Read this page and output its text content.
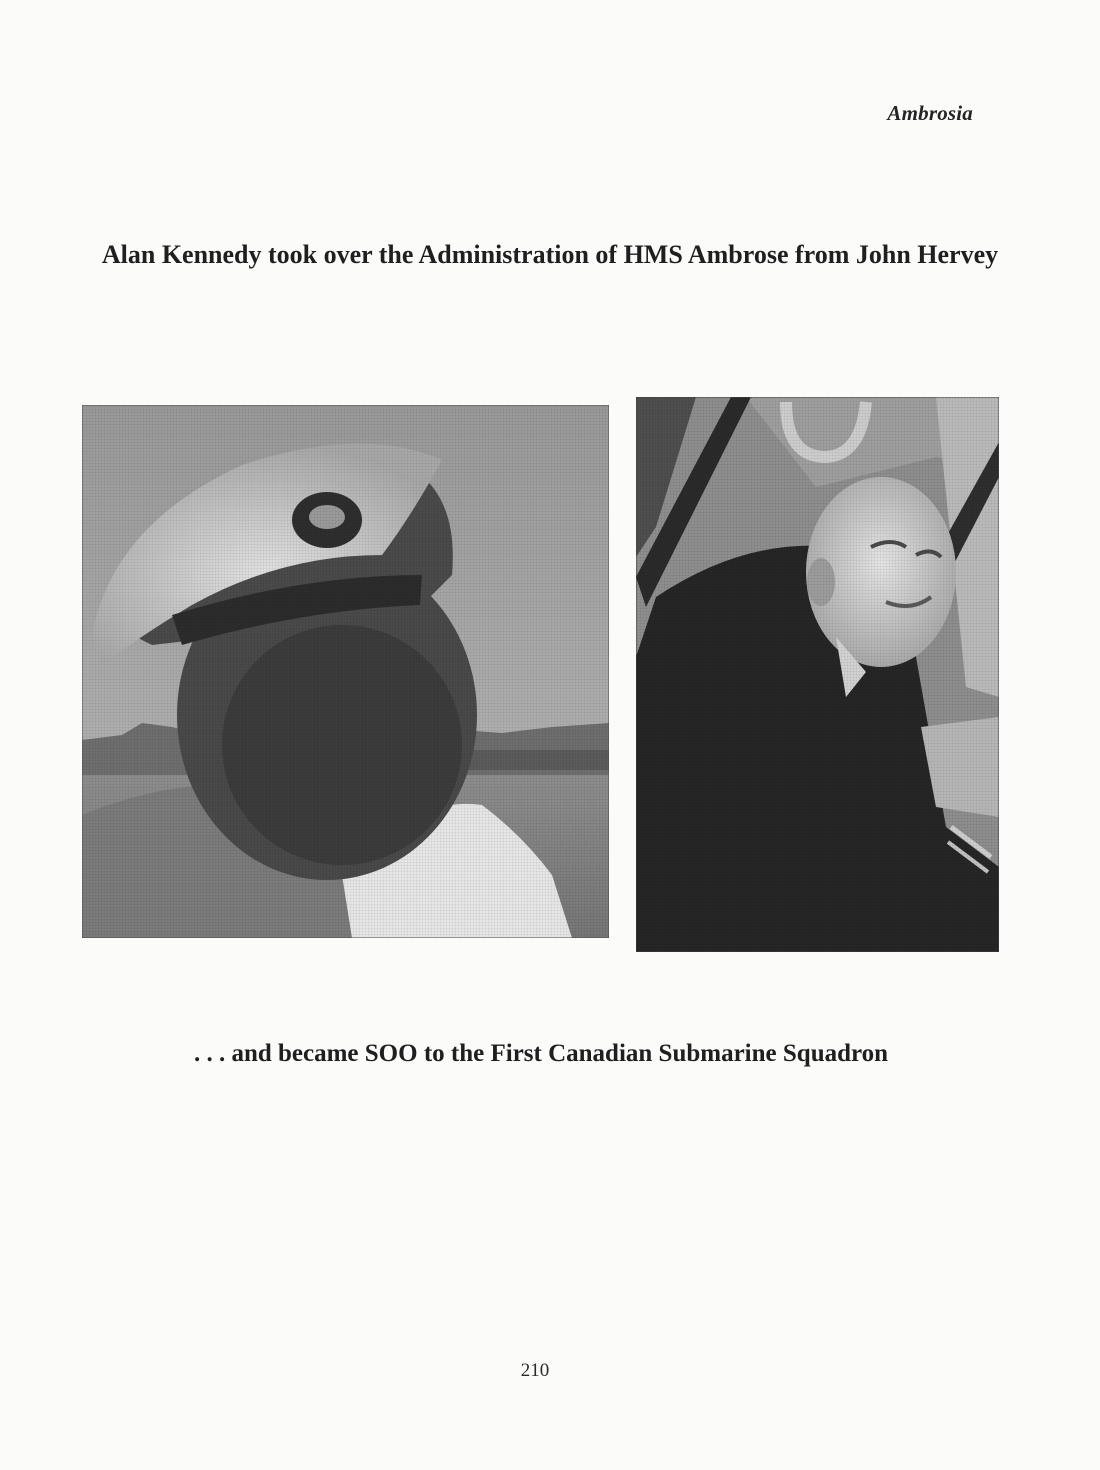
Ambrosia
Alan Kennedy took over the Administration of HMS Ambrose from John Hervey
. . . and became SOO to the First Canadian Submarine Squadron
210
